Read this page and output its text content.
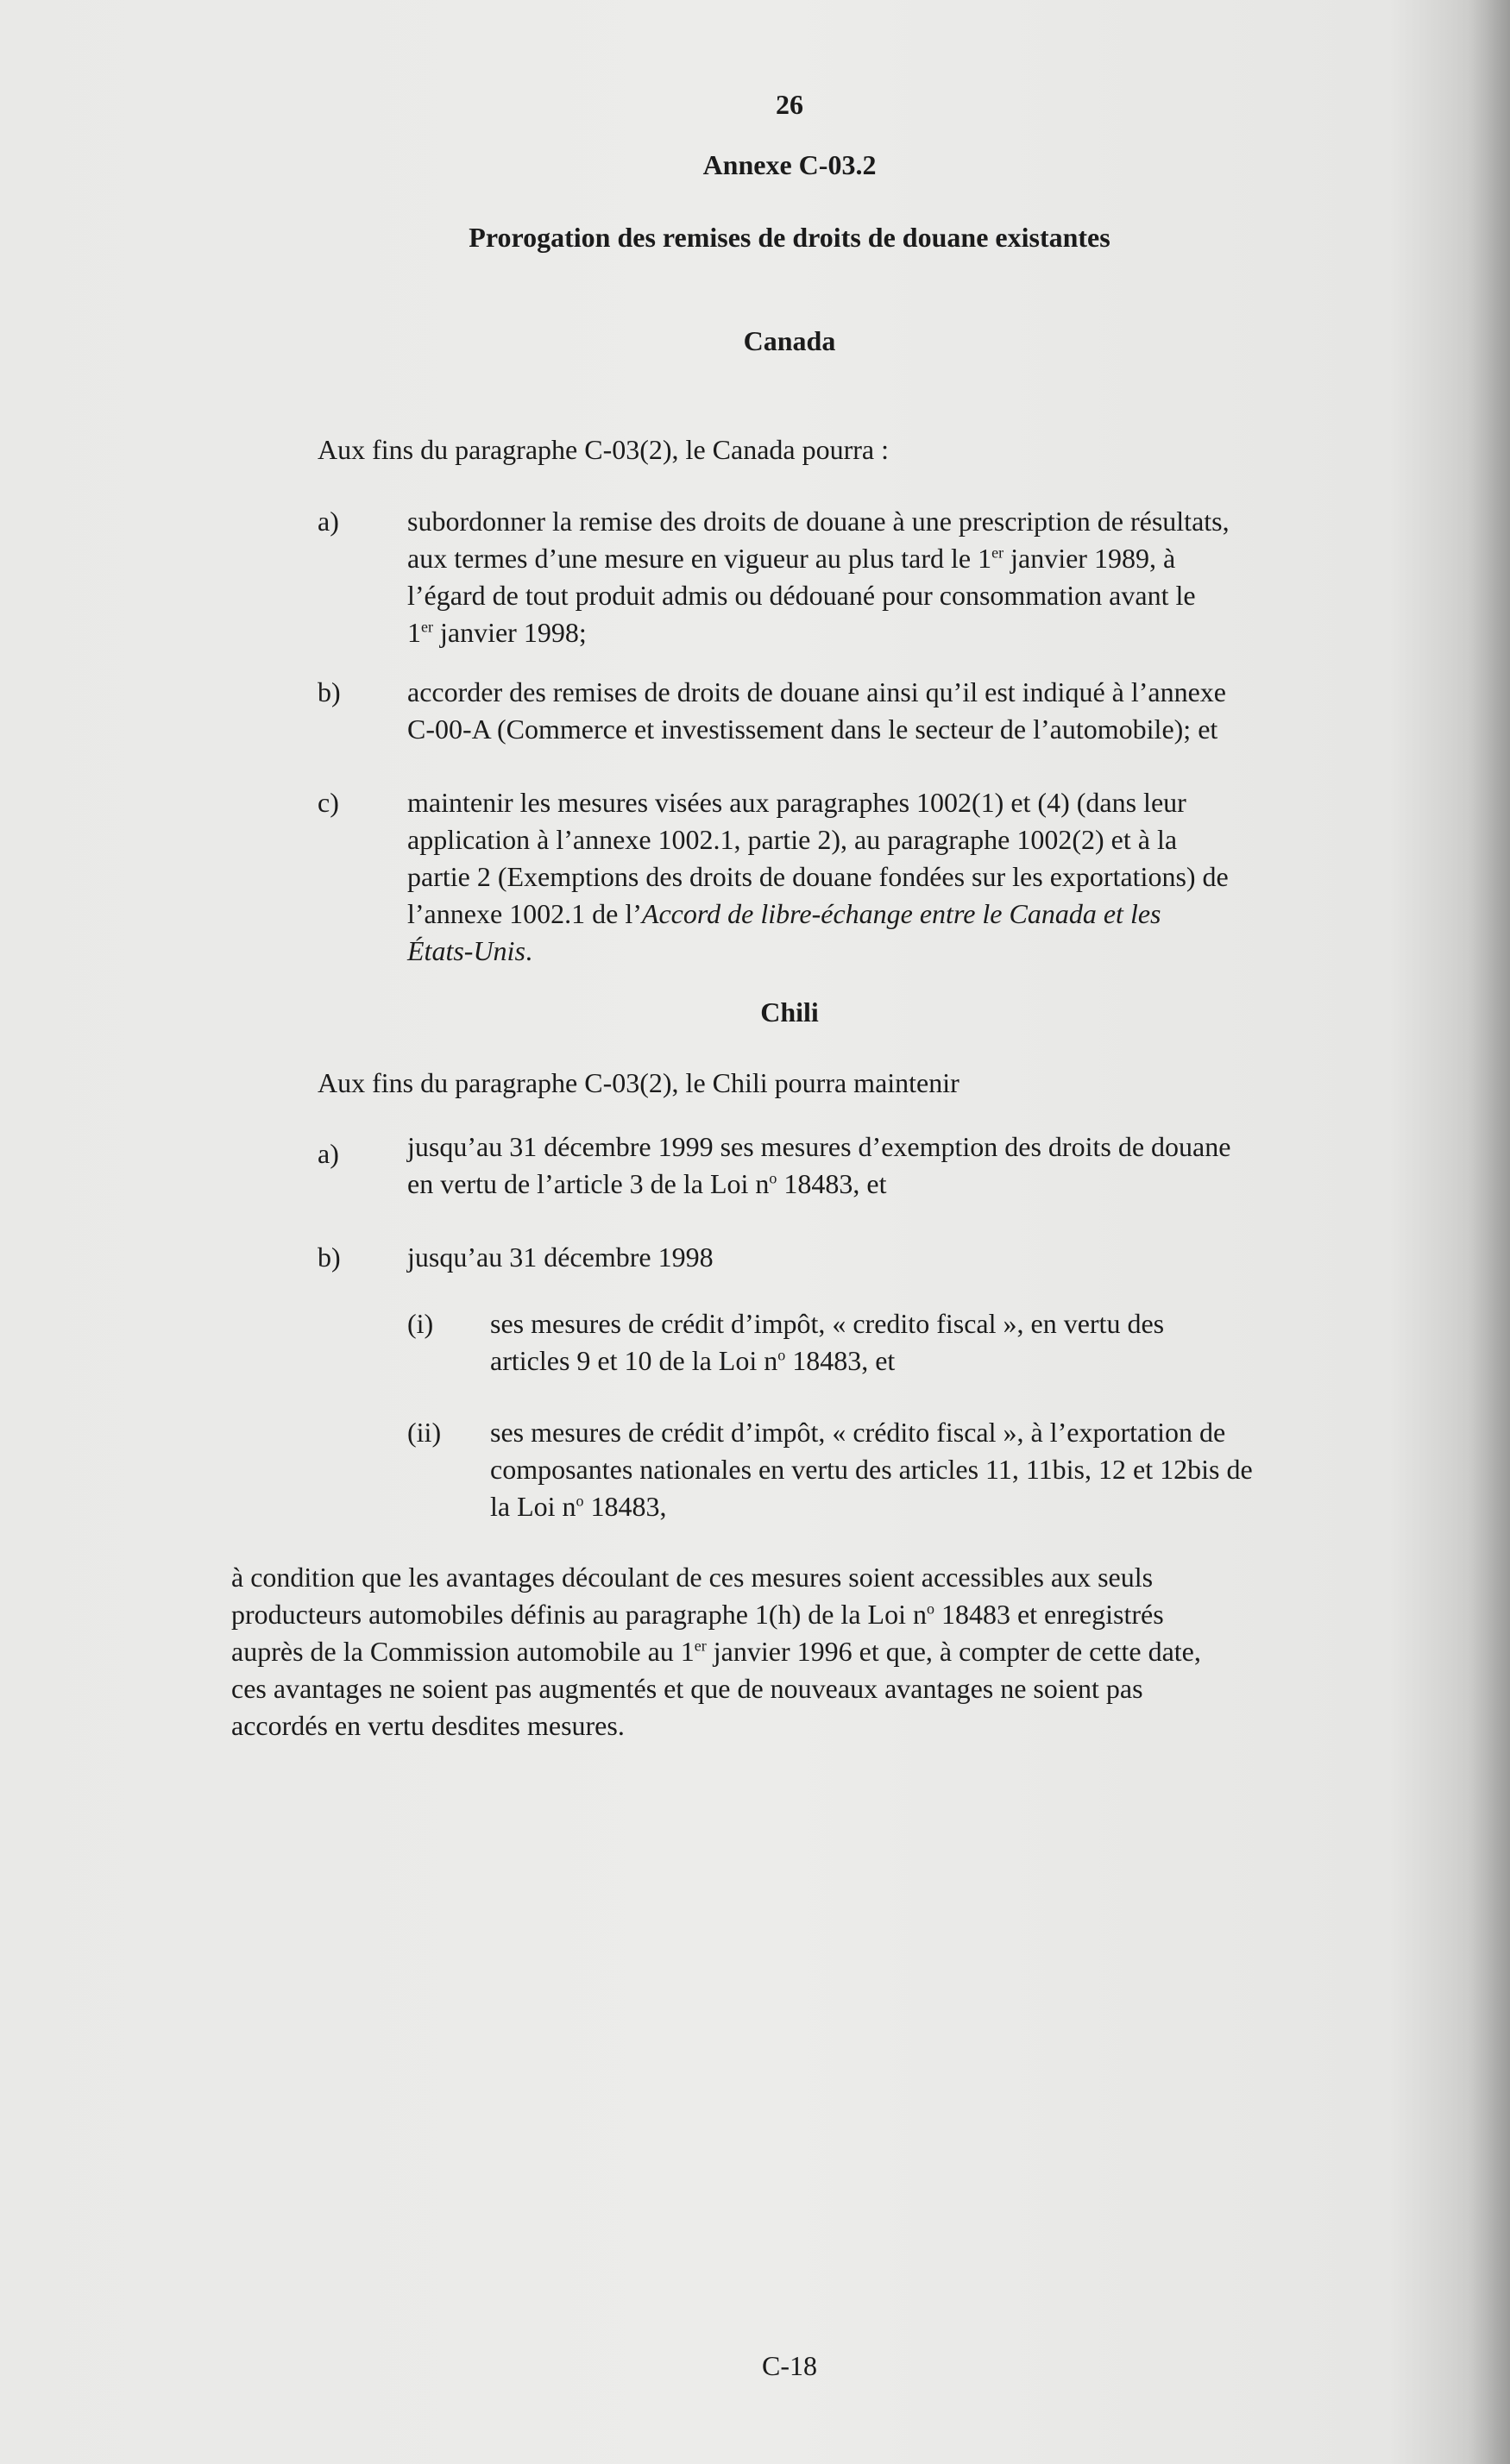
26

Annexe C-03.2

Prorogation des remises de droits de douane existantes

Canada

Aux fins du paragraphe C-03(2), le Canada pourra :

a) subordonner la remise des droits de douane à une prescription de résultats,
aux termes d’une mesure en vigueur au plus tard le 1er janvier 1989, à
l’égard de tout produit admis ou dédouané pour consommation avant le
1er janvier 1998;
b) accorder des remises de droits de douane ainsi qu’il est indiqué à l’annexe
C-00-A (Commerce et investissement dans le secteur de l’automobile); et
c) maintenir les mesures visées aux paragraphes 1002(1) et (4) (dans leur
application à l’annexe 1002.1, partie 2), au paragraphe 1002(2) et à la
partie 2 (Exemptions des droits de douane fondées sur les exportations) de
l’annexe 1002.1 de l’Accord de libre-échange entre le Canada et les
États-Unis.

Chili

Aux fins du paragraphe C-03(2), le Chili pourra maintenir

a) jusqu’au 31 décembre 1999 ses mesures d’exemption des droits de douane
en vertu de l’article 3 de la Loi $n^o$ 18483, et
b) jusqu’au 31 décembre 1998
(i) ses mesures de crédit d’impôt, « credito fiscal », en vertu des
articles 9 et 10 de la Loi $n^o$ 18483, et
(ii) ses mesures de crédit d’impôt, « crédito fiscal », à l’exportation de
composantes nationales en vertu des articles 11, 11bis, 12 et 12bis de
la Loi $n^o$ 18483,
à condition que les avantages découlant de ces mesures soient accessibles aux seuls
producteurs automobiles définis au paragraphe 1(h) de la Loi $n^o$ 18483 et enregistrés
auprès de la Commission automobile au 1er janvier 1996 et que, à compter de cette date,
ces avantages ne soient pas augmentés et que de nouveaux avantages ne soient pas
accordés en vertu desdites mesures.

C-18
